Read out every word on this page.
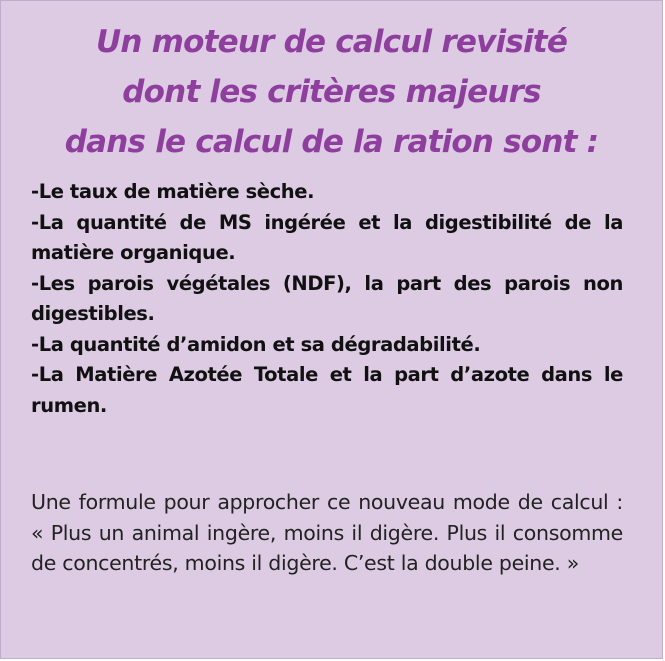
Un moteur de calcul revisité
dont les critères majeurs
dans le calcul de la ration sont :
-Le taux de matière sèche.
-La quantité de MS ingérée et la digestibilité de la matière organique.
-Les parois végétales (NDF), la part des parois non digestibles.
-La quantité d’amidon et sa dégradabilité.
-La Matière Azotée Totale et la part d’azote dans le rumen.

Une formule pour approcher ce nouveau mode de calcul : « Plus un animal ingère, moins il digère. Plus il consomme de concentrés, moins il digère. C’est la double peine. »
